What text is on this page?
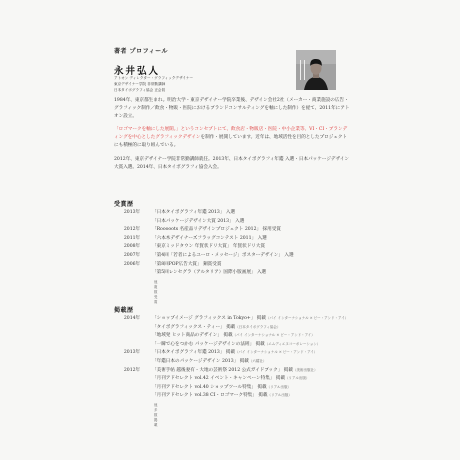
著者 プロフィール
永井弘人
アトオン ディレクター・グラフィックデザイナー
東京デザイナー学院 非常勤講師
日本タイポグラフィ協会 正会員
1984年、東京都生まれ。明治大学・東京デザイナー学院卒業後、デザイン会社2社（メーカー・商業施設の広告・グラフィック制作／飲食・物販・医院におけるブランドコンサルティングを軸にした制作）を経て、2011年にアトオン設立。
「ロゴマークを軸にした展開。」というコンセプトにて、飲食店・物販店・医院・中小企業等、VI・CI・ブランディングを中心としたグラフィックデザインを制作・展開しています。近年は、地域活性を目的としたプロジェクトにも積極的に取り組んでいる。
2012年、東京デザイナー学院非常勤講師就任。2013年、日本タイポグラフィ年鑑 入選・日本パッケージデザイン大賞入選。2014年、日本タイポグラフィ協会入会。
受賞歴
2013年	「日本タイポグラフィ年鑑 2013」 入選
「日本パッケージデザイン大賞 2013」 入選
2012年	「Rooooots 名産品リデザインプロジェクト 2012」 採用受賞
2011年	「六本木デザイナーズフラッグコンテスト 2011」 入選
2008年	「東京ミッドタウン 年賀状ドリ大賞」 年賀状ドリ大賞
2007年	「第4回「若者によるユーロ・メッセージ」ポスターデザイン」 入選
2006年	「第8回POP広告大賞」 銅賞受賞
「第5回レンセグラ（アルタリア）国際小版画展」 入選
他 複数受賞
掲載歴
2014年	「ショップイメージ グラフィックス in Tokyo+」 掲載（パイ インターナショナル × ビー・アンド・アイ）
「タイポグラフィックス・ティー」 掲載（日本タイポグラフィ協会）
「地域発 ヒット商品のデザイン」 掲載（パイ インターナショナル × ビー・アンド・アイ）
「一瞬で心をつかむ パッケージデザインの法則」 掲載（エムディエヌコーポレーション）
2013年	「日本タイポグラフィ年鑑 2013」 掲載（パイ インターナショナル × ビー・アンド・アイ）
「年鑑日本のパッケージデザイン 2013」 掲載（六耀社）
2012年	「美術手帖 越後妻有・大地の芸術祭 2012 公式ガイドブック」 掲載（美術出版社）
「月刊アドセレクト vol.42 イベント・キャンペーン特集」 掲載（リアル出版）
「月刊アドセレクト vol.40 ショップツール特集」 掲載（リアル出版）
「月刊アドセレクト vol.38 CI・ロゴマーク特集」 掲載（リアル出版）
他 多数掲載
